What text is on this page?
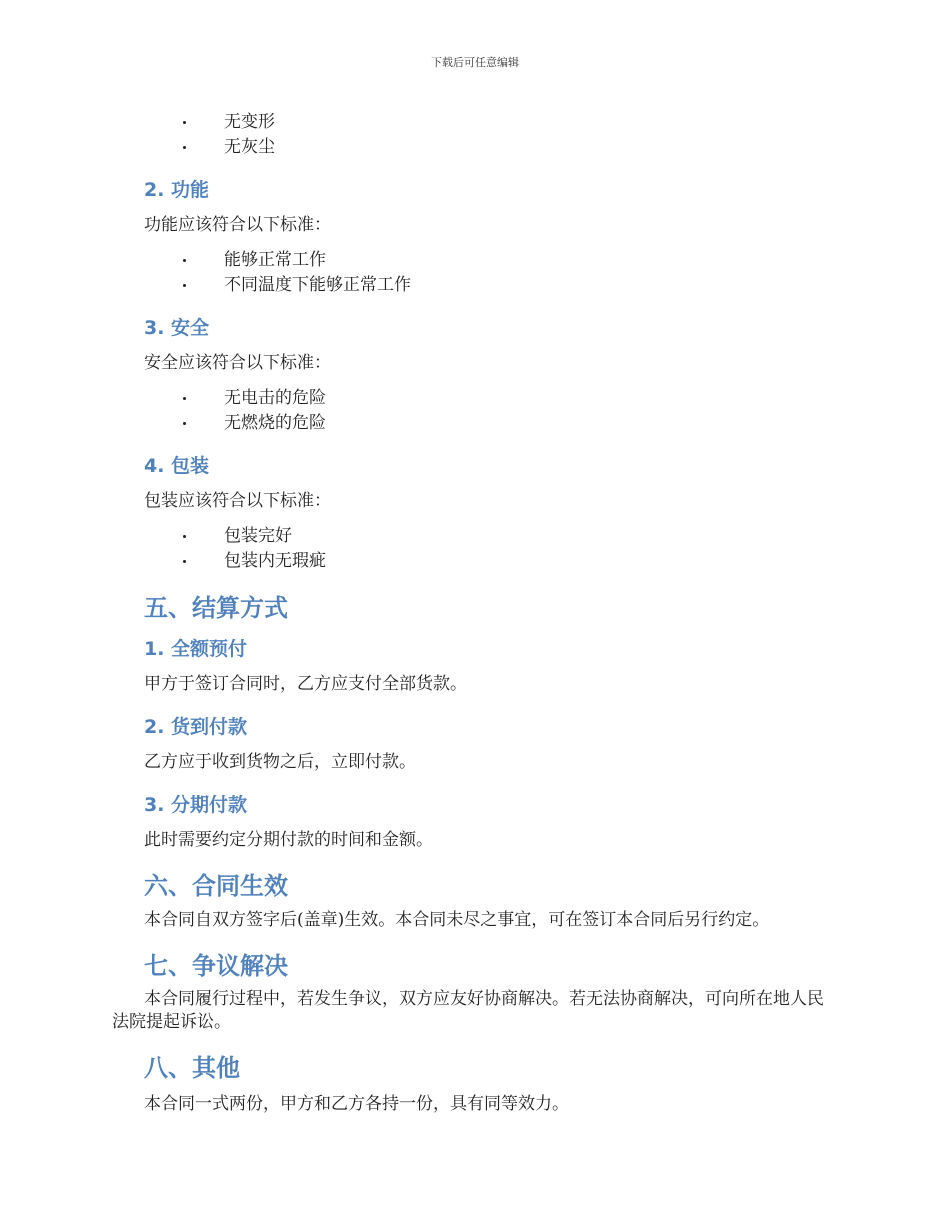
下载后可任意编辑
无变形
无灰尘
2. 功能

功能应该符合以下标准：

能够正常工作
不同温度下能够正常工作
3. 安全

安全应该符合以下标准：

无电击的危险
无燃烧的危险
4. 包装

包装应该符合以下标准：

包装完好
包装内无瑕疵
五、结算方式
1. 全额预付

甲方于签订合同时，乙方应支付全部货款。

2. 货到付款

乙方应于收到货物之后，立即付款。

3. 分期付款

此时需要约定分期付款的时间和金额。

六、合同生效

本合同自双方签字后(盖章)生效。本合同未尽之事宜，可在签订本合同后另行约定。

七、争议解决

本合同履行过程中，若发生争议，双方应友好协商解决。若无法协商解决，可向所在地人民法院提起诉讼。

八、其他

本合同一式两份，甲方和乙方各持一份，具有同等效力。
